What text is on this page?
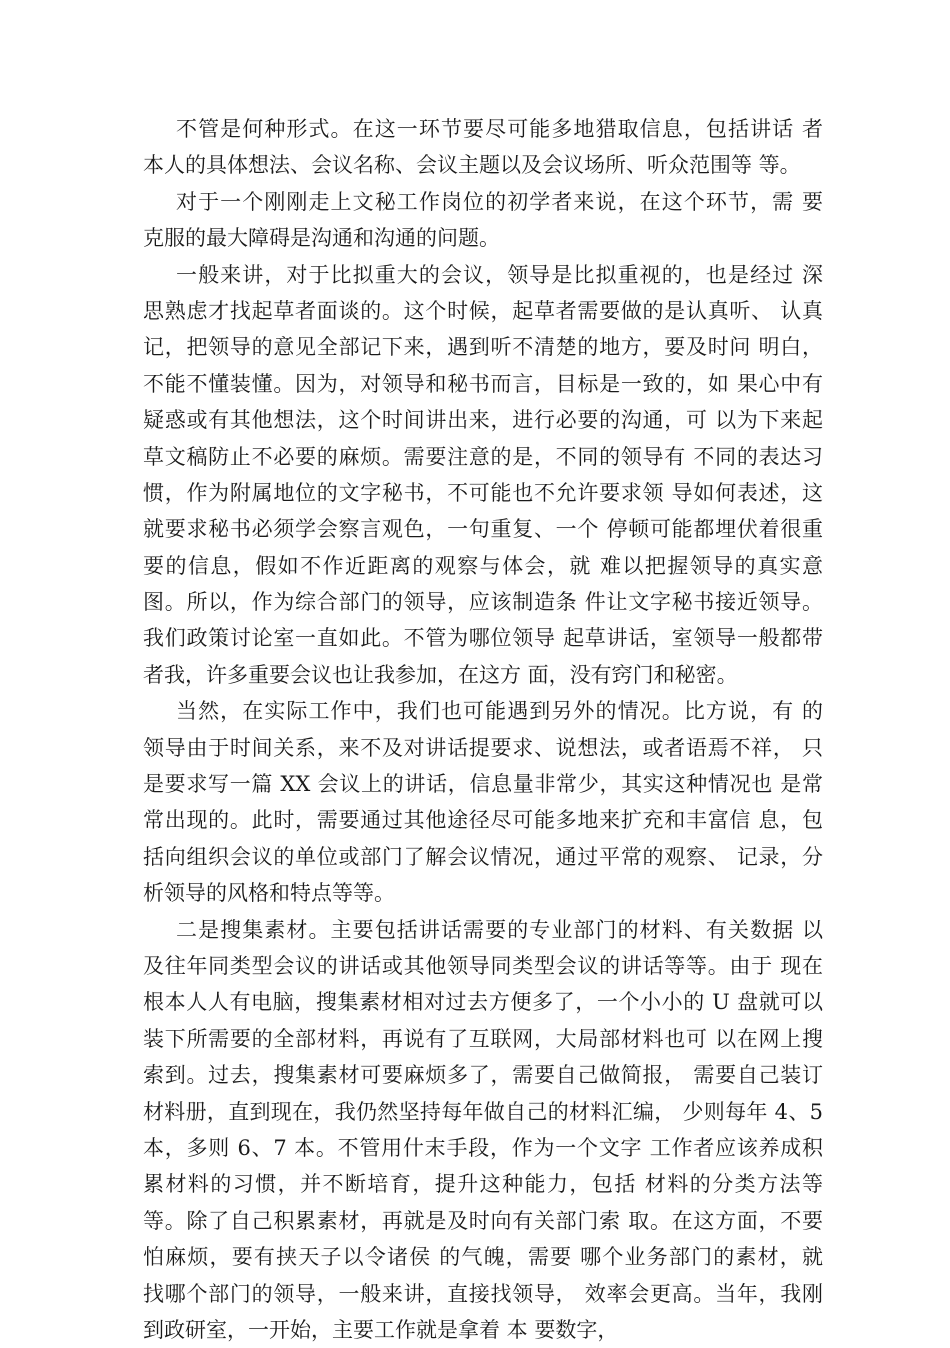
不管是何种形式。在这一环节要尽可能多地猎取信息，包括讲话 者
本人的具体想法、会议名称、会议主题以及会议场所、听众范围等 等。
对于一个刚刚走上文秘工作岗位的初学者来说，在这个环节，需 要
克服的最大障碍是沟通和沟通的问题。
一般来讲，对于比拟重大的会议，领导是比拟重视的，也是经过 深
思熟虑才找起草者面谈的。这个时候，起草者需要做的是认真听、 认真
记，把领导的意见全部记下来，遇到听不清楚的地方，要及时问 明白，
不能不懂装懂。因为，对领导和秘书而言，目标是一致的，如 果心中有
疑惑或有其他想法，这个时间讲出来，进行必要的沟通，可 以为下来起
草文稿防止不必要的麻烦。需要注意的是，不同的领导有 不同的表达习
惯，作为附属地位的文字秘书，不可能也不允许要求领 导如何表述，这
就要求秘书必须学会察言观色，一句重复、一个 停顿可能都埋伏着很重
要的信息，假如不作近距离的观察与体会，就 难以把握领导的真实意
图。所以，作为综合部门的领导，应该制造条 件让文字秘书接近领导。
我们政策讨论室一直如此。不管为哪位领导 起草讲话，室领导一般都带
者我，许多重要会议也让我参加，在这方 面，没有窍门和秘密。
当然，在实际工作中，我们也可能遇到另外的情况。比方说，有 的
领导由于时间关系，来不及对讲话提要求、说想法，或者语焉不祥， 只
是要求写一篇 XX 会议上的讲话，信息量非常少，其实这种情况也 是常
常出现的。此时，需要通过其他途径尽可能多地来扩充和丰富信 息，包
括向组织会议的单位或部门了解会议情况，通过平常的观察、 记录，分
析领导的风格和特点等等。
二是搜集素材。主要包括讲话需要的专业部门的材料、有关数据 以
及往年同类型会议的讲话或其他领导同类型会议的讲话等等。由于 现在
根本人人有电脑，搜集素材相对过去方便多了，一个小小的 U 盘就可以
装下所需要的全部材料，再说有了互联网，大局部材料也可 以在网上搜
索到。过去，搜集素材可要麻烦多了，需要自己做简报， 需要自己装订
材料册，直到现在，我仍然坚持每年做自己的材料汇编， 少则每年 4、5
本，多则 6、7 本。不管用什末手段，作为一个文字 工作者应该养成积
累材料的习惯，并不断培育，提升这种能力，包括 材料的分类方法等
等。除了自己积累素材，再就是及时向有关部门索 取。在这方面，不要
怕麻烦，要有挟天子以令诸侯 的气魄，需要 哪个业务部门的素材，就
找哪个部门的领导，一般来讲，直接找领导， 效率会更高。当年，我刚
到政研室，一开始，主要工作就是拿着 本 要数字，
